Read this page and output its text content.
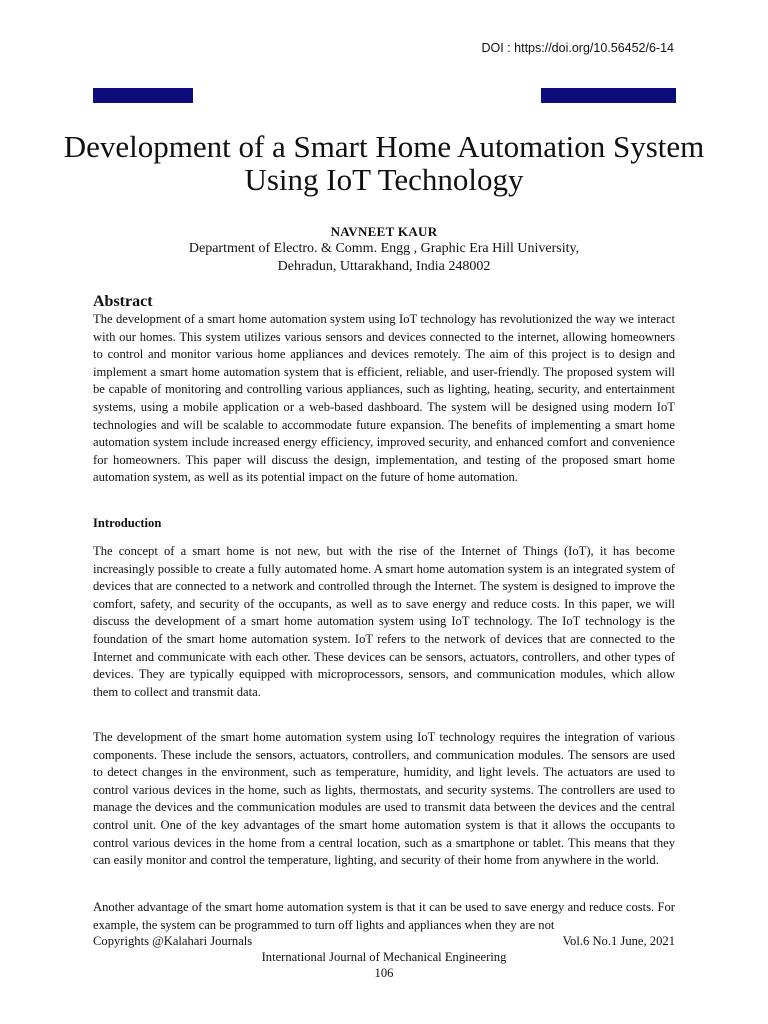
DOI : https://doi.org/10.56452/6-14
Development of a Smart Home Automation System Using IoT Technology
NAVNEET KAUR
Department of Electro. & Comm. Engg , Graphic Era Hill University,
Dehradun, Uttarakhand, India 248002
Abstract
The development of a smart home automation system using IoT technology has revolutionized the way we interact with our homes. This system utilizes various sensors and devices connected to the internet, allowing homeowners to control and monitor various home appliances and devices remotely. The aim of this project is to design and implement a smart home automation system that is efficient, reliable, and user-friendly. The proposed system will be capable of monitoring and controlling various appliances, such as lighting, heating, security, and entertainment systems, using a mobile application or a web-based dashboard. The system will be designed using modern IoT technologies and will be scalable to accommodate future expansion. The benefits of implementing a smart home automation system include increased energy efficiency, improved security, and enhanced comfort and convenience for homeowners. This paper will discuss the design, implementation, and testing of the proposed smart home automation system, as well as its potential impact on the future of home automation.
Introduction
The concept of a smart home is not new, but with the rise of the Internet of Things (IoT), it has become increasingly possible to create a fully automated home. A smart home automation system is an integrated system of devices that are connected to a network and controlled through the Internet. The system is designed to improve the comfort, safety, and security of the occupants, as well as to save energy and reduce costs. In this paper, we will discuss the development of a smart home automation system using IoT technology. The IoT technology is the foundation of the smart home automation system. IoT refers to the network of devices that are connected to the Internet and communicate with each other. These devices can be sensors, actuators, controllers, and other types of devices. They are typically equipped with microprocessors, sensors, and communication modules, which allow them to collect and transmit data.
The development of the smart home automation system using IoT technology requires the integration of various components. These include the sensors, actuators, controllers, and communication modules. The sensors are used to detect changes in the environment, such as temperature, humidity, and light levels. The actuators are used to control various devices in the home, such as lights, thermostats, and security systems. The controllers are used to manage the devices and the communication modules are used to transmit data between the devices and the central control unit. One of the key advantages of the smart home automation system is that it allows the occupants to control various devices in the home from a central location, such as a smartphone or tablet. This means that they can easily monitor and control the temperature, lighting, and security of their home from anywhere in the world.
Another advantage of the smart home automation system is that it can be used to save energy and reduce costs. For example, the system can be programmed to turn off lights and appliances when they are not
Copyrights @Kalahari Journals	Vol.6 No.1 June, 2021
International Journal of Mechanical Engineering
106
